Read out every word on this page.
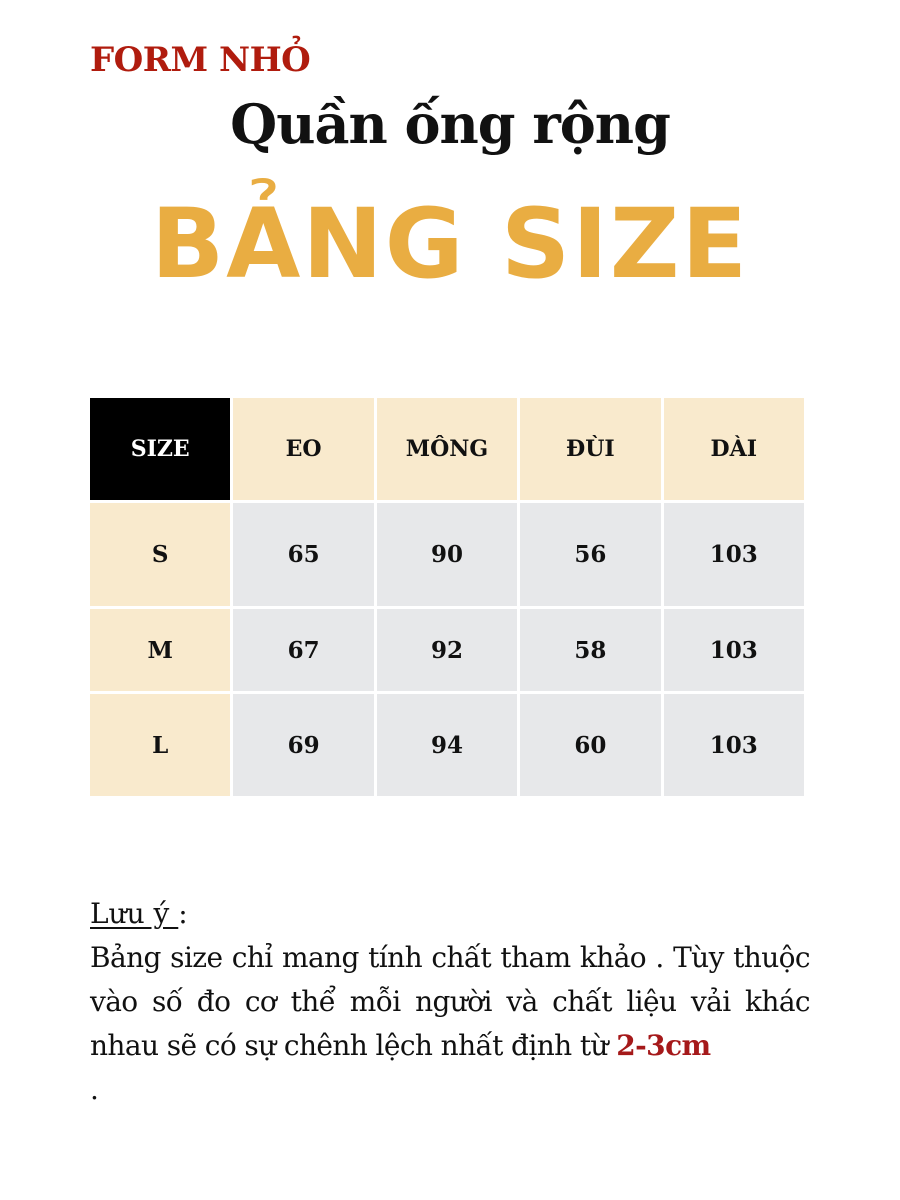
FORM NHỎ
Quần ống rộng
BẢNG SIZE
SIZE	EO	MÔNG	ĐÙI	DÀI
S	65	90	56	103
M	67	92	58	103
L	69	94	60	103
Lưu ý :
Bảng size chỉ mang tính chất tham khảo . Tùy thuộc vào số đo cơ thể mỗi người và chất liệu vải khác nhau sẽ có sự chênh lệch nhất định từ 2-3cm
.
